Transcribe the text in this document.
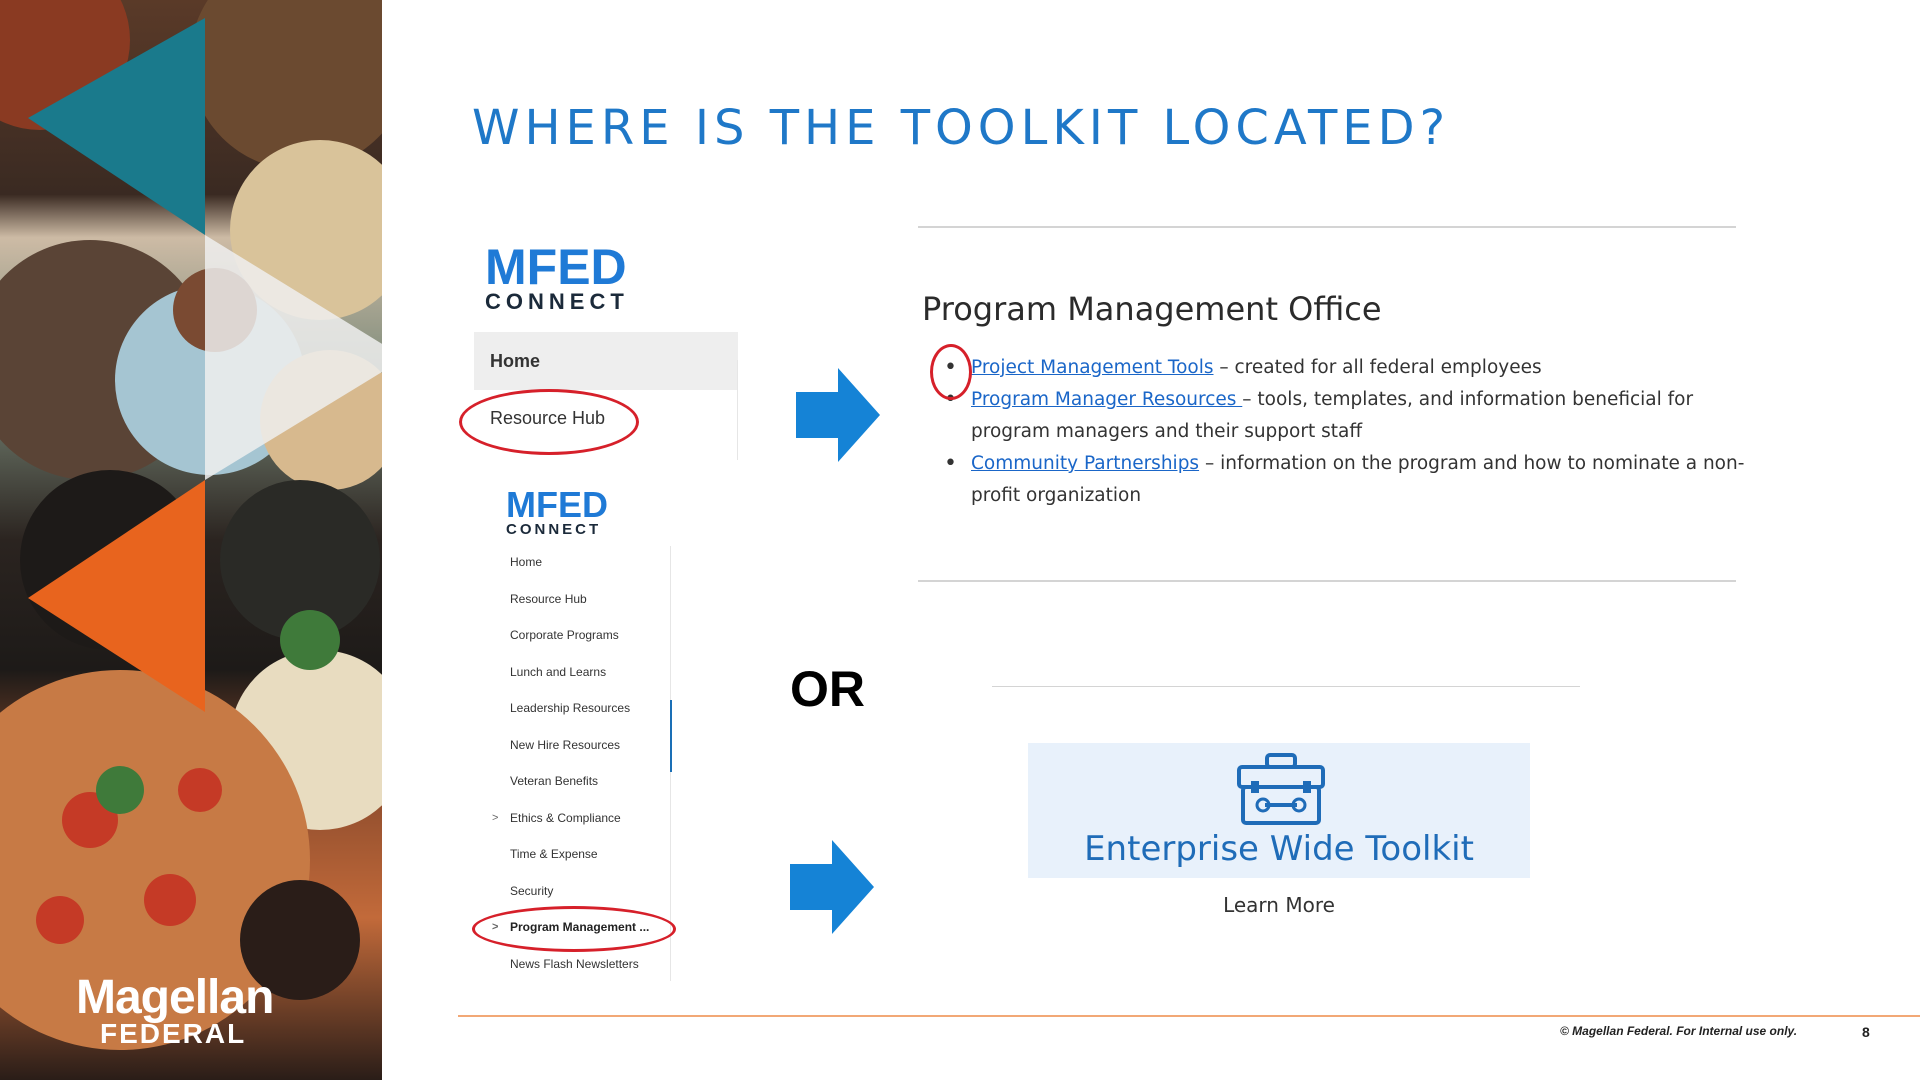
Magellan
FEDERAL
WHERE IS THE TOOLKIT LOCATED?
MFED
CONNECT
Home
Resource Hub
MFED
CONNECT
Home
Resource Hub
Corporate Programs
Lunch and Learns
Leadership Resources
New Hire Resources
Veteran Benefits
> Ethics & Compliance
Time & Expense
Security
> Program Management ...
News Flash Newsletters
OR
Program Management Office
• Project Management Tools – created for all federal employees
• Program Manager Resources – tools, templates, and information beneficial for program managers and their support staff
• Community Partnerships – information on the program and how to nominate a non-profit organization
Enterprise Wide Toolkit
Learn More
© Magellan Federal. For Internal use only.	8
